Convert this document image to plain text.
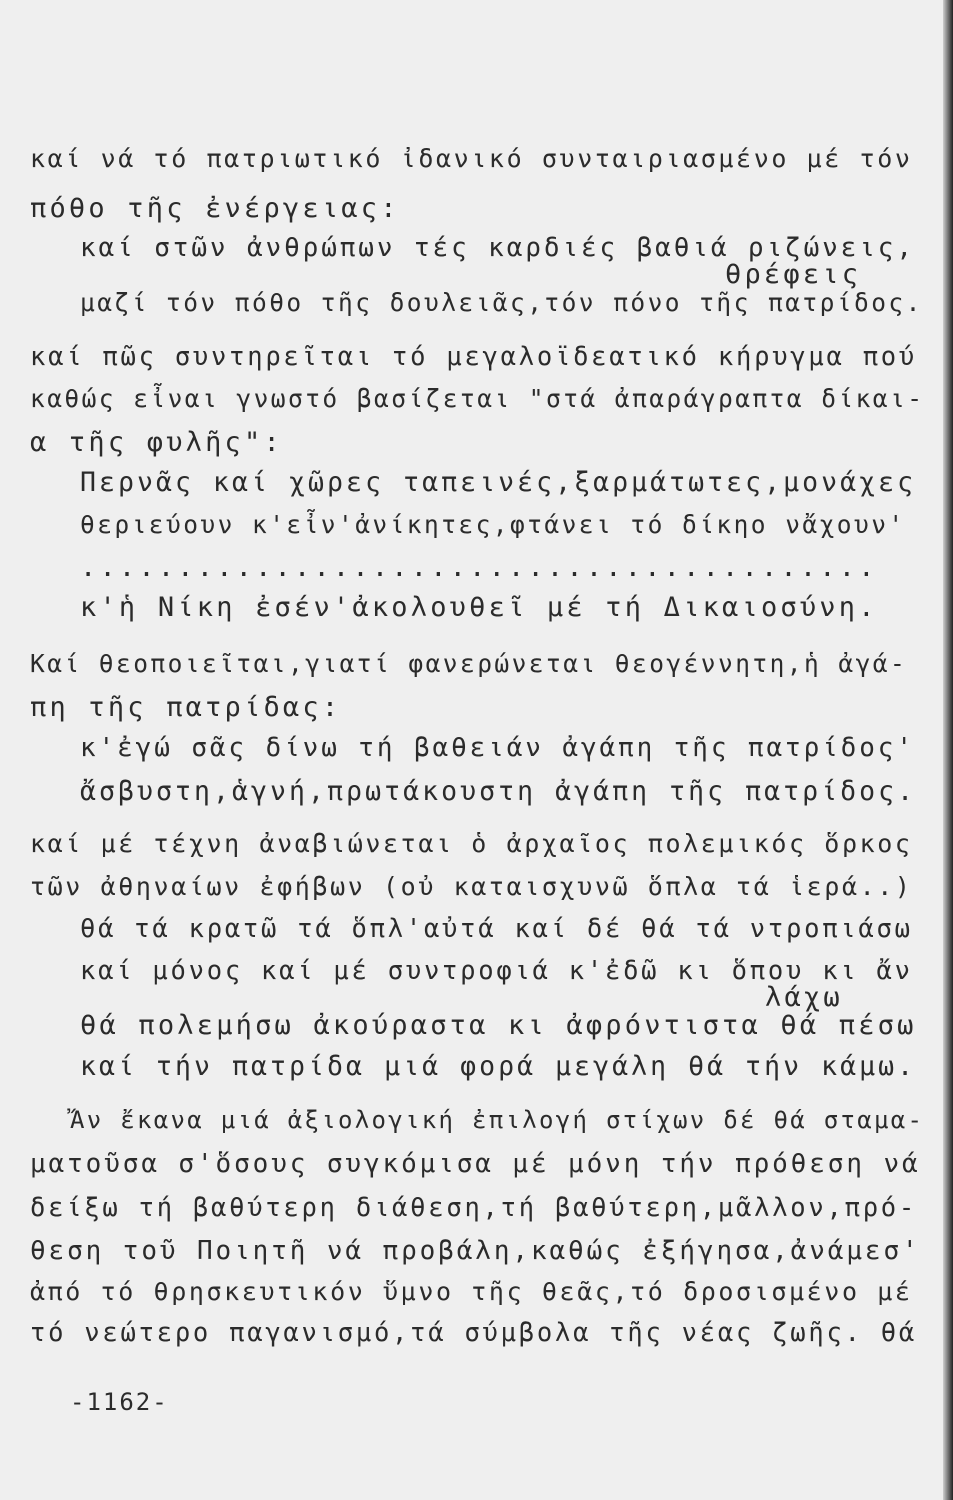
καί νά τό πατριωτικό ἰδανικό συνταιριασμένο μέ τόν
πόθο τῆς ἐνέργειας:
καί στῶν ἀνθρώπων τές καρδιές βαθιά ριζώνεις,
θρέφεις
μαζί τόν πόθο τῆς δουλειᾶς,τόν πόνο τῆς πατρίδος.
καί πῶς συντηρεῖται τό μεγαλοϊδεατικό κήρυγμα πού
καθώς εἶναι γνωστό βασίζεται "στά ἀπαράγραπτα δίκαι-
α τῆς φυλῆς":
Περνᾶς καί χῶρες ταπεινές,ξαρμάτωτες,μονάχες
θεριεύουν κ'εἶν'ἀνίκητες,φτάνει τό δίκηο νἄχουν'
.........................................
κ'ἡ Νίκη ἐσέν'ἀκολουθεῖ μέ τή Δικαιοσύνη.
Καί θεοποιεῖται,γιατί φανερώνεται θεογέννητη,ἡ ἀγά-
πη τῆς πατρίδας:
κ'ἐγώ σᾶς δίνω τή βαθειάν ἀγάπη τῆς πατρίδος'
ἄσβυστη,ἁγνή,πρωτάκουστη ἀγάπη τῆς πατρίδος.
καί μέ τέχνη ἀναβιώνεται ὁ ἀρχαῖος πολεμικός ὅρκος
τῶν ἀθηναίων ἐφήβων (οὐ καταισχυνῶ ὅπλα τά ἱερά..)
θά τά κρατῶ τά ὅπλ'αὐτά καί δέ θά τά ντροπιάσω
καί μόνος καί μέ συντροφιά κ'ἐδῶ κι ὅπου κι ἄν
λάχω
θά πολεμήσω ἀκούραστα κι ἀφρόντιστα θά πέσω
καί τήν πατρίδα μιά φορά μεγάλη θά τήν κάμω.
Ἄν ἔκανα μιά ἀξιολογική ἐπιλογή στίχων δέ θά σταμα-
ματοῦσα σ'ὅσους συγκόμισα μέ μόνη τήν πρόθεση νά
δείξω τή βαθύτερη διάθεση,τή βαθύτερη,μᾶλλον,πρό-
θεση τοῦ Ποιητῆ νά προβάλη,καθώς ἐξήγησα,ἀνάμεσ'
ἀπό τό θρησκευτικόν ὕμνο τῆς θεᾶς,τό δροσισμένο μέ
τό νεώτερο παγανισμό,τά σύμβολα τῆς νέας ζωῆς. θά
-1162-
